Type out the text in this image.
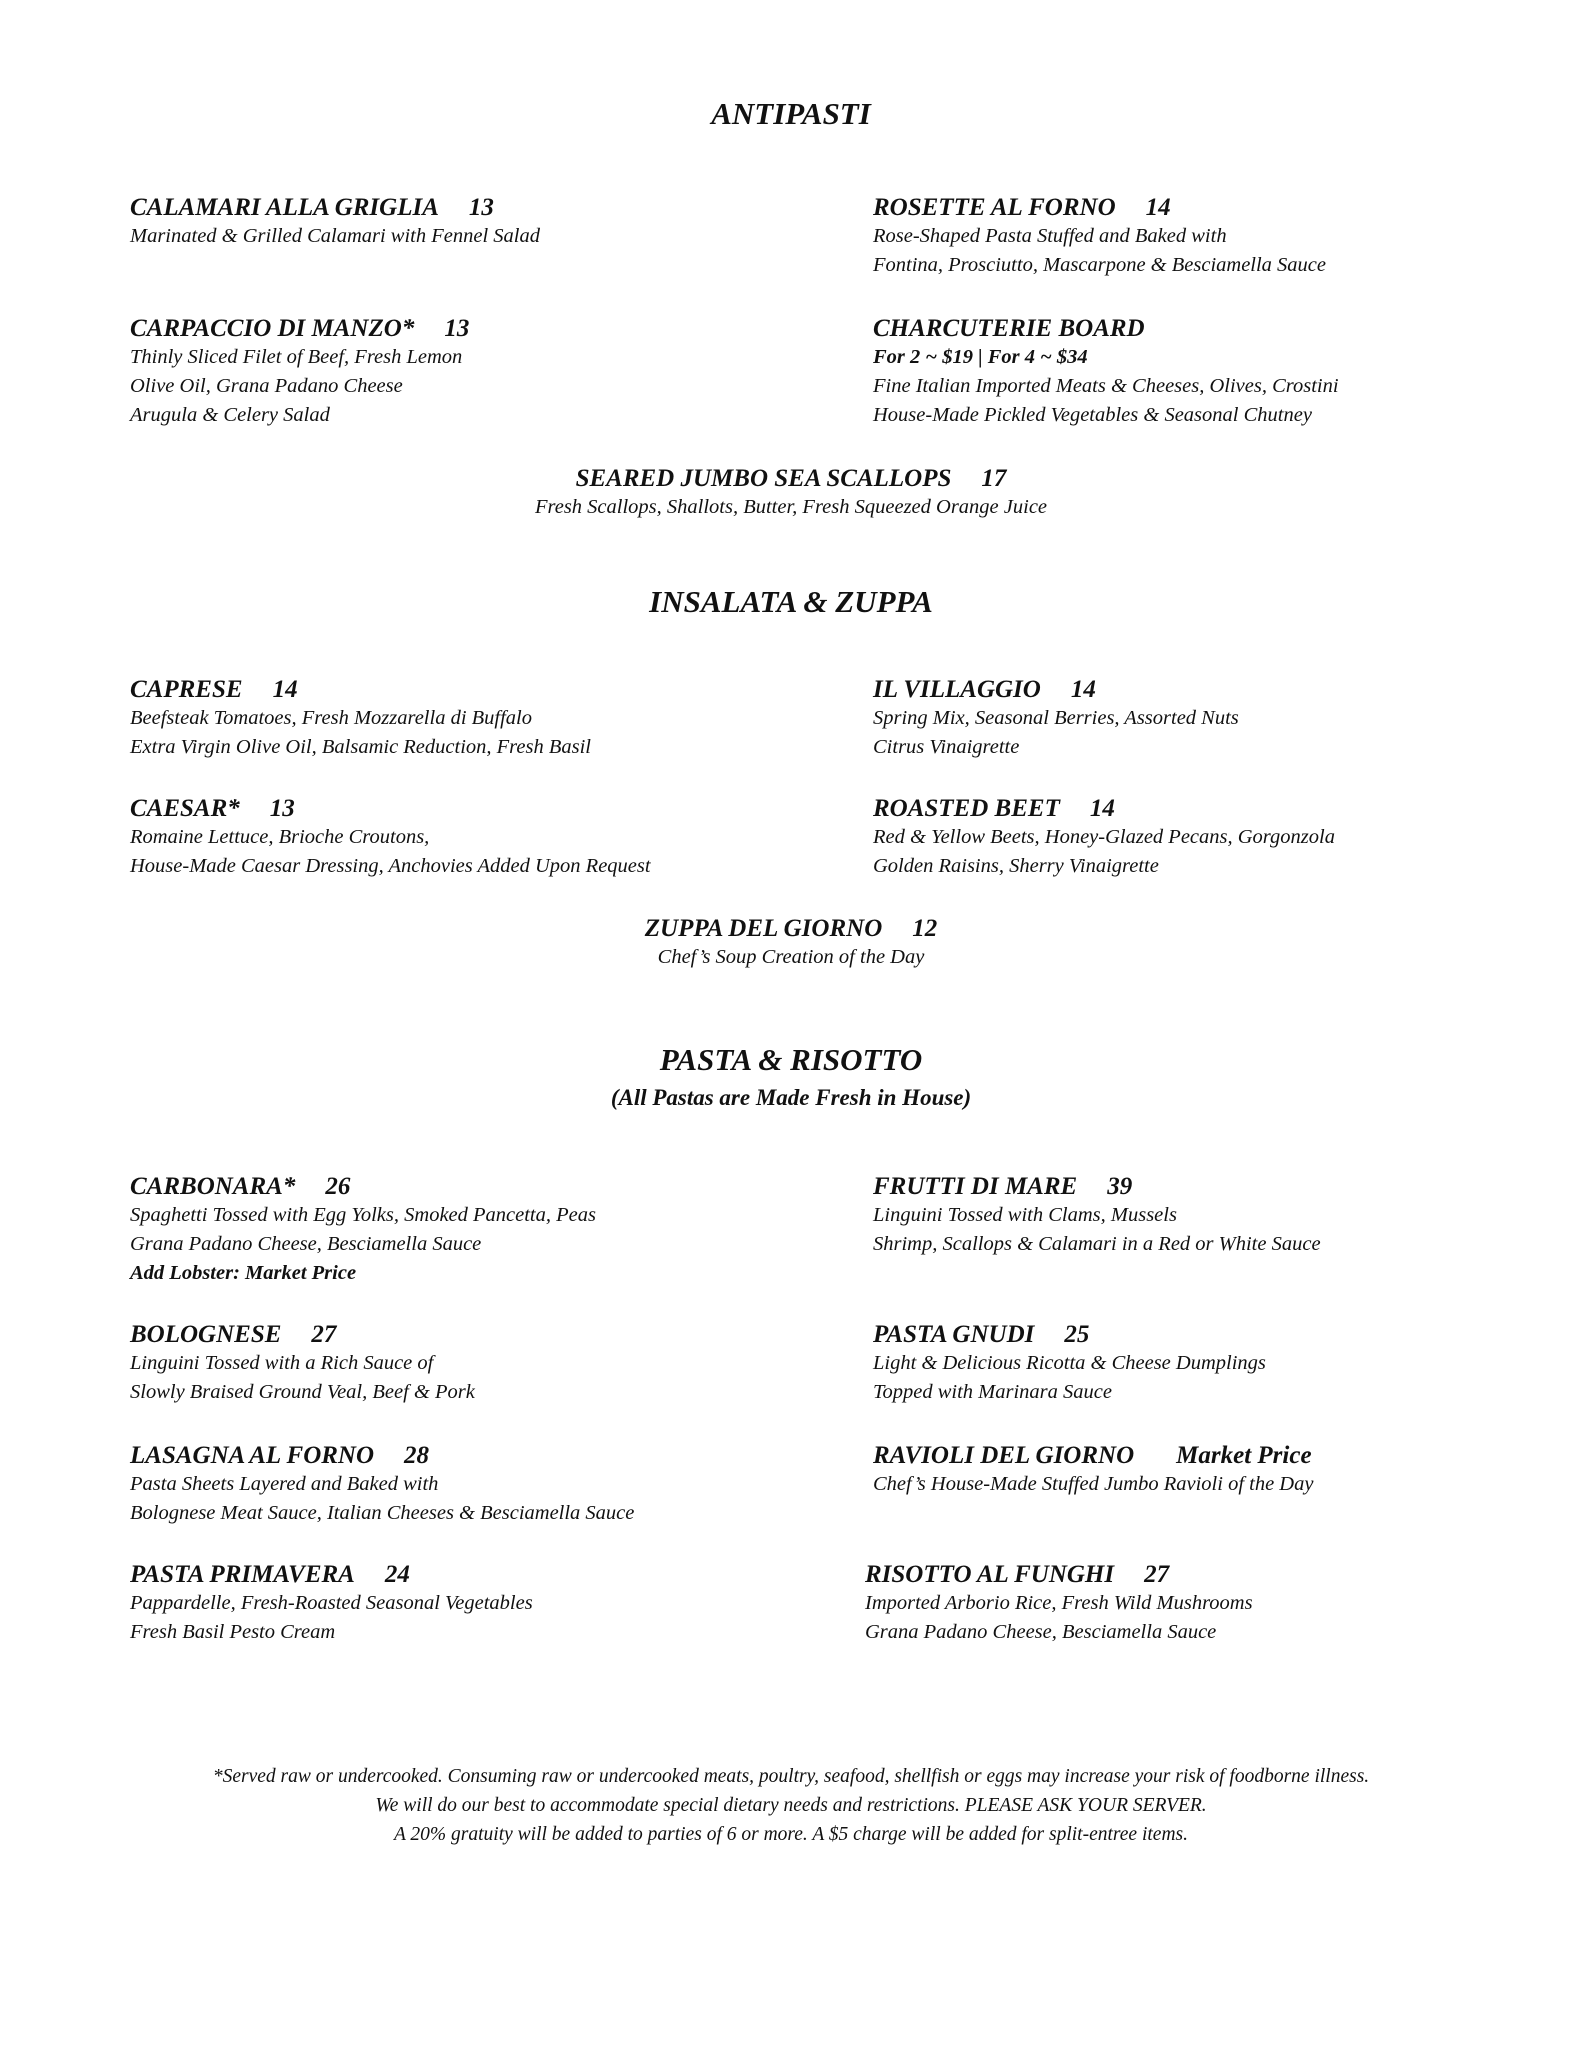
ANTIPASTI
CALAMARI ALLA GRIGLIA 13
Marinated & Grilled Calamari with Fennel Salad
ROSETTE AL FORNO 14
Rose-Shaped Pasta Stuffed and Baked with
Fontina, Prosciutto, Mascarpone & Besciamella Sauce
CARPACCIO DI MANZO* 13
Thinly Sliced Filet of Beef, Fresh Lemon
Olive Oil, Grana Padano Cheese
Arugula & Celery Salad
CHARCUTERIE BOARD
For 2 ~ $19 | For 4 ~ $34
Fine Italian Imported Meats & Cheeses, Olives, Crostini
House-Made Pickled Vegetables & Seasonal Chutney
SEARED JUMBO SEA SCALLOPS 17
Fresh Scallops, Shallots, Butter, Fresh Squeezed Orange Juice
INSALATA & ZUPPA
CAPRESE 14
Beefsteak Tomatoes, Fresh Mozzarella di Buffalo
Extra Virgin Olive Oil, Balsamic Reduction, Fresh Basil
IL VILLAGGIO 14
Spring Mix, Seasonal Berries, Assorted Nuts
Citrus Vinaigrette
CAESAR* 13
Romaine Lettuce, Brioche Croutons,
House-Made Caesar Dressing, Anchovies Added Upon Request
ROASTED BEET 14
Red & Yellow Beets, Honey-Glazed Pecans, Gorgonzola
Golden Raisins, Sherry Vinaigrette
ZUPPA DEL GIORNO 12
Chef’s Soup Creation of the Day
PASTA & RISOTTO
(All Pastas are Made Fresh in House)
CARBONARA* 26
Spaghetti Tossed with Egg Yolks, Smoked Pancetta, Peas
Grana Padano Cheese, Besciamella Sauce
Add Lobster: Market Price
FRUTTI DI MARE 39
Linguini Tossed with Clams, Mussels
Shrimp, Scallops & Calamari in a Red or White Sauce
BOLOGNESE 27
Linguini Tossed with a Rich Sauce of
Slowly Braised Ground Veal, Beef & Pork
PASTA GNUDI 25
Light & Delicious Ricotta & Cheese Dumplings
Topped with Marinara Sauce
LASAGNA AL FORNO 28
Pasta Sheets Layered and Baked with
Bolognese Meat Sauce, Italian Cheeses & Besciamella Sauce
RAVIOLI DEL GIORNO Market Price
Chef’s House-Made Stuffed Jumbo Ravioli of the Day
PASTA PRIMAVERA 24
Pappardelle, Fresh-Roasted Seasonal Vegetables
Fresh Basil Pesto Cream
RISOTTO AL FUNGHI 27
Imported Arborio Rice, Fresh Wild Mushrooms
Grana Padano Cheese, Besciamella Sauce
*Served raw or undercooked. Consuming raw or undercooked meats, poultry, seafood, shellfish or eggs may increase your risk of foodborne illness.
We will do our best to accommodate special dietary needs and restrictions. PLEASE ASK YOUR SERVER.
A 20% gratuity will be added to parties of 6 or more. A $5 charge will be added for split-entree items.
